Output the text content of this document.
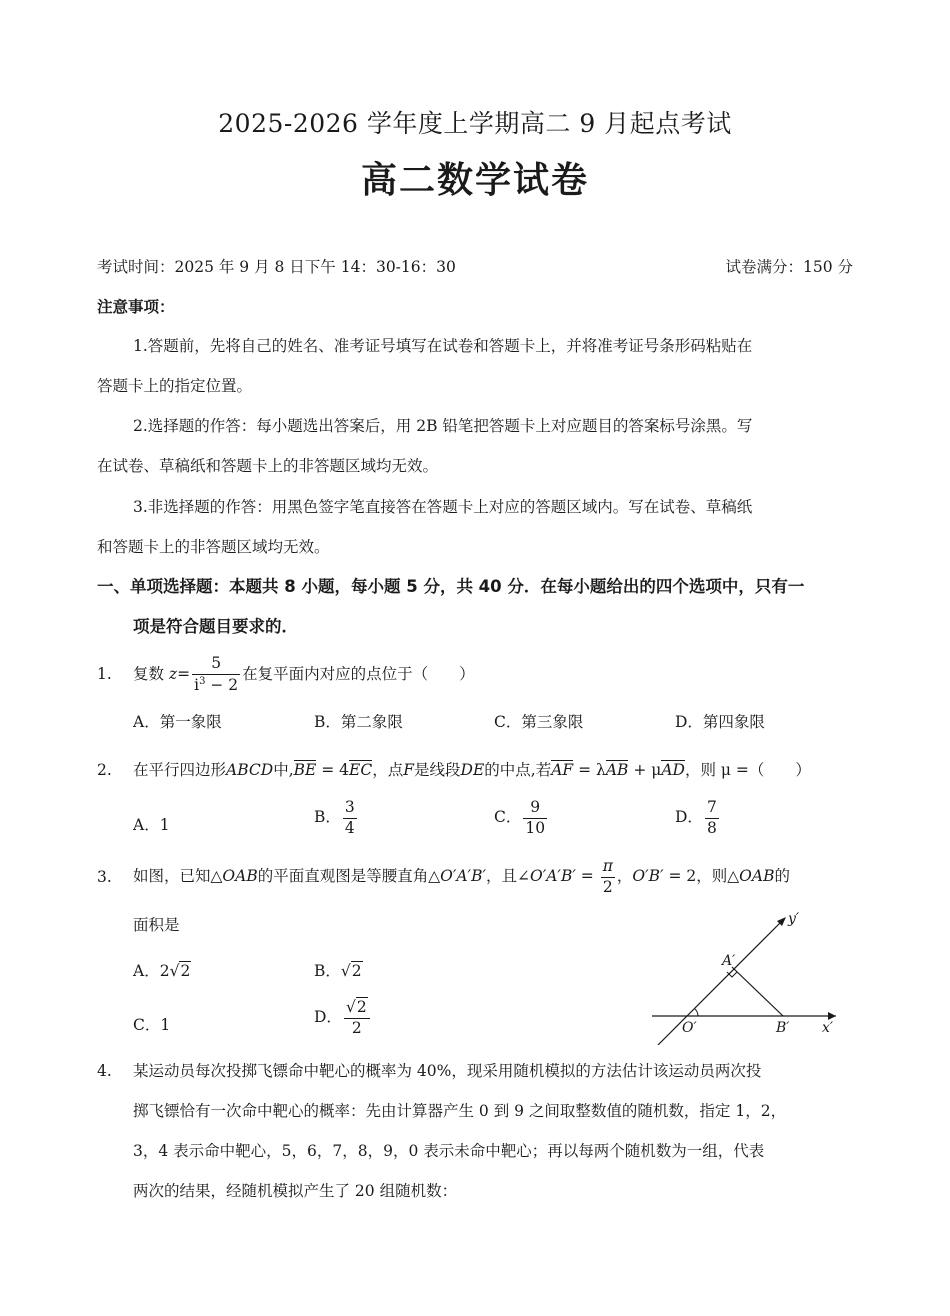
2025-2026 学年度上学期高二 9 月起点考试
高二数学试卷
考试时间：2025 年 9 月 8 日下午 14：30-16：30	试卷满分：150 分
注意事项：
1.答题前，先将自己的姓名、准考证号填写在试卷和答题卡上，并将准考证号条形码粘贴在
答题卡上的指定位置。
2.选择题的作答：每小题选出答案后，用 2B 铅笔把答题卡上对应题目的答案标号涂黑。写
在试卷、草稿纸和答题卡上的非答题区域均无效。
3.非选择题的作答：用黑色签字笔直接答在答题卡上对应的答题区域内。写在试卷、草稿纸
和答题卡上的非答题区域均无效。
一、单项选择题：本题共 8 小题，每小题 5 分，共 40 分．在每小题给出的四个选项中，只有一
项是符合题目要求的．
1. 复数 $z= \frac{5}{i^3 - 2}$ 在复平面内对应的点位于（　　）
A．第一象限	B．第二象限	C．第三象限	D．第四象限
2. 在平行四边形ABCD中,BE = 4EC，点F是线段DE的中点,若AF = λAB + μAD，则 μ =（　　）
A．1	B． $\frac{3}{4}$	C． $\frac{9}{10}$	D． $\frac{7}{8}$
3. 如图，已知△OAB的平面直观图是等腰直角△O′A′B′，且∠O′A′B′ = $\frac{\pi}{2}$ ，O′B′ = 2，则△OAB的
面积是
A．2√2	B．√2
C．1	D． $\frac{√2}{2}$
y′
x′
A′
O′	B′
4. 某运动员每次投掷飞镖命中靶心的概率为 40%，现采用随机模拟的方法估计该运动员两次投
掷飞镖恰有一次命中靶心的概率：先由计算器产生 0 到 9 之间取整数值的随机数，指定 1，2，
3，4 表示命中靶心，5，6，7，8，9，0 表示未命中靶心；再以每两个随机数为一组，代表
两次的结果，经随机模拟产生了 20 组随机数：
